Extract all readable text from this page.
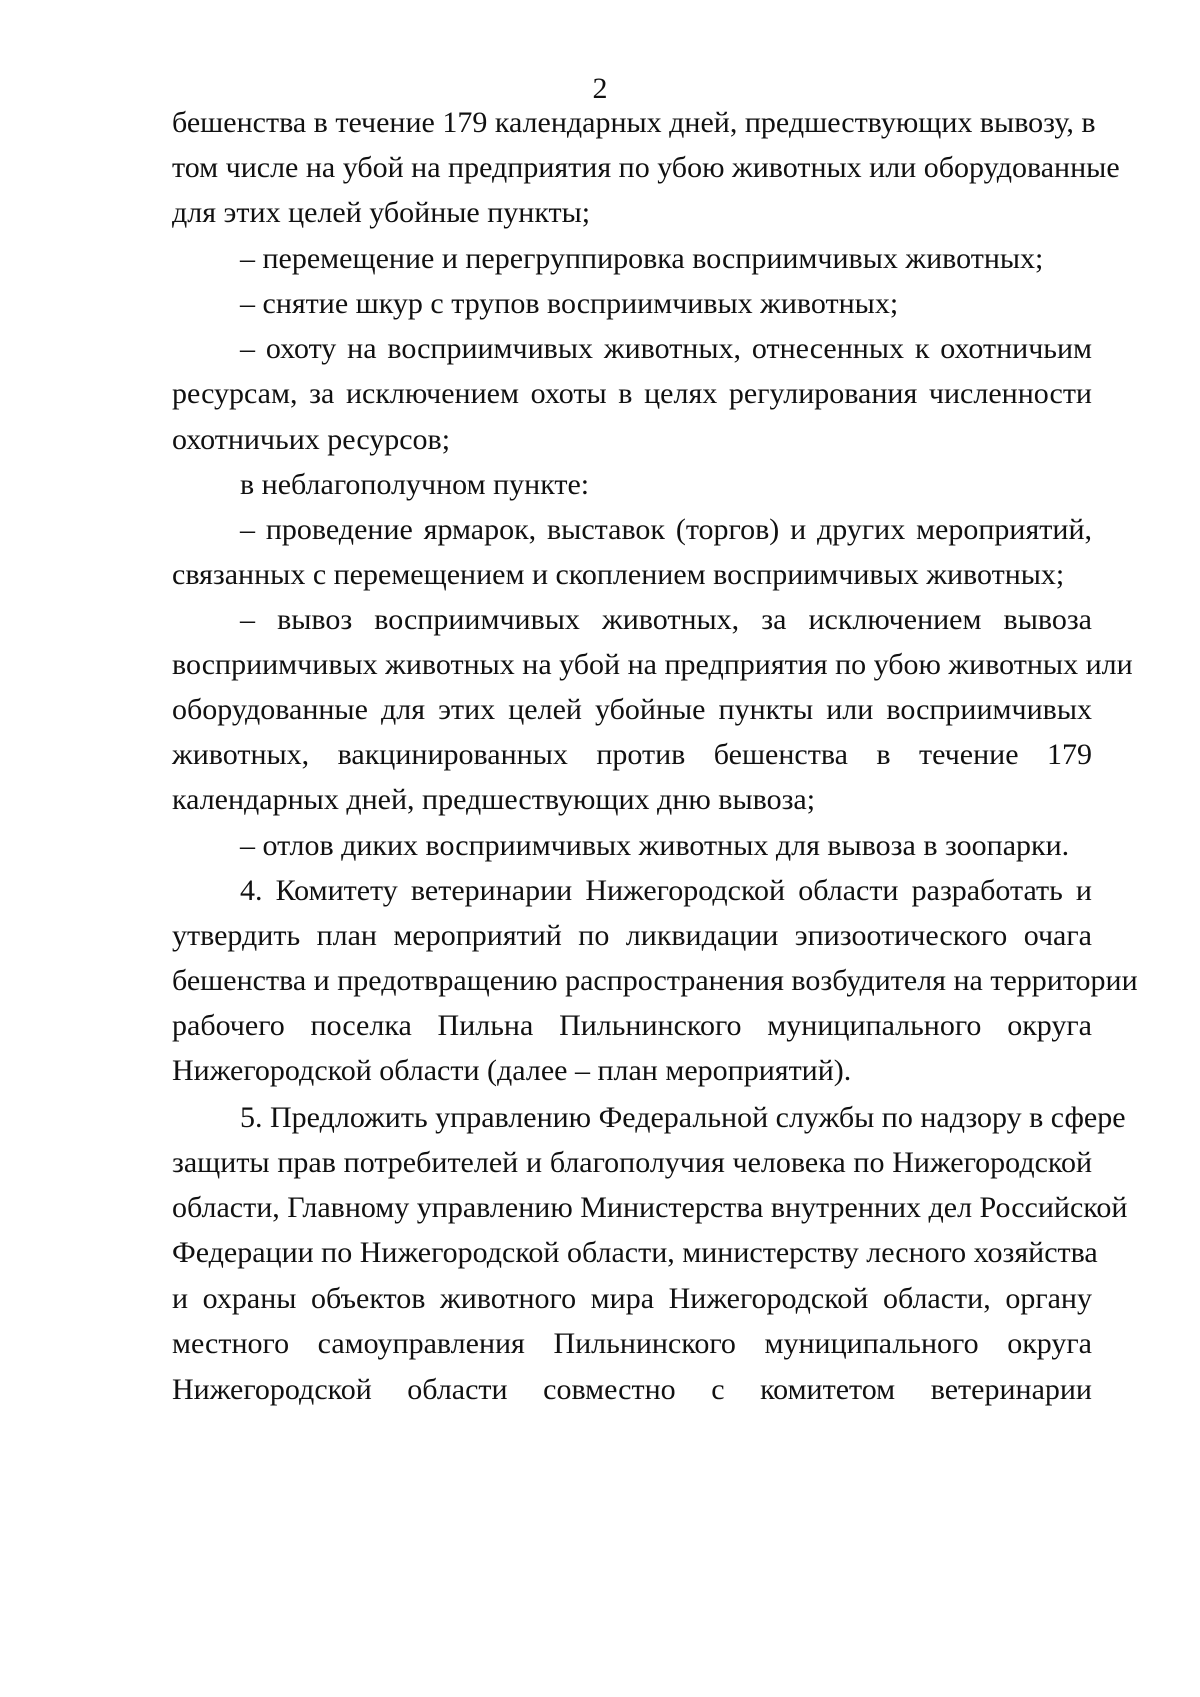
2
бешенства в течение 179 календарных дней, предшествующих вывозу, в
том числе на убой на предприятия по убою животных или оборудованные
для этих целей убойные пункты;
– перемещение и перегруппировка восприимчивых животных;
– снятие шкур с трупов восприимчивых животных;
– охоту на восприимчивых животных, отнесенных к охотничьим
ресурсам, за исключением охоты в целях регулирования численности
охотничьих ресурсов;
в неблагополучном пункте:
– проведение ярмарок, выставок (торгов) и других мероприятий,
связанных с перемещением и скоплением восприимчивых животных;
– вывоз восприимчивых животных, за исключением вывоза
восприимчивых животных на убой на предприятия по убою животных или
оборудованные для этих целей убойные пункты или восприимчивых
животных, вакцинированных против бешенства в течение 179
календарных дней, предшествующих дню вывоза;
– отлов диких восприимчивых животных для вывоза в зоопарки.
4. Комитету ветеринарии Нижегородской области разработать и
утвердить план мероприятий по ликвидации эпизоотического очага
бешенства и предотвращению распространения возбудителя на территории
рабочего поселка Пильна Пильнинского муниципального округа
Нижегородской области (далее – план мероприятий).
5. Предложить управлению Федеральной службы по надзору в сфере
защиты прав потребителей и благополучия человека по Нижегородской
области, Главному управлению Министерства внутренних дел Российской
Федерации по Нижегородской области, министерству лесного хозяйства
и охраны объектов животного мира Нижегородской области, органу
местного самоуправления Пильнинского муниципального округа
Нижегородской области совместно с комитетом ветеринарии
